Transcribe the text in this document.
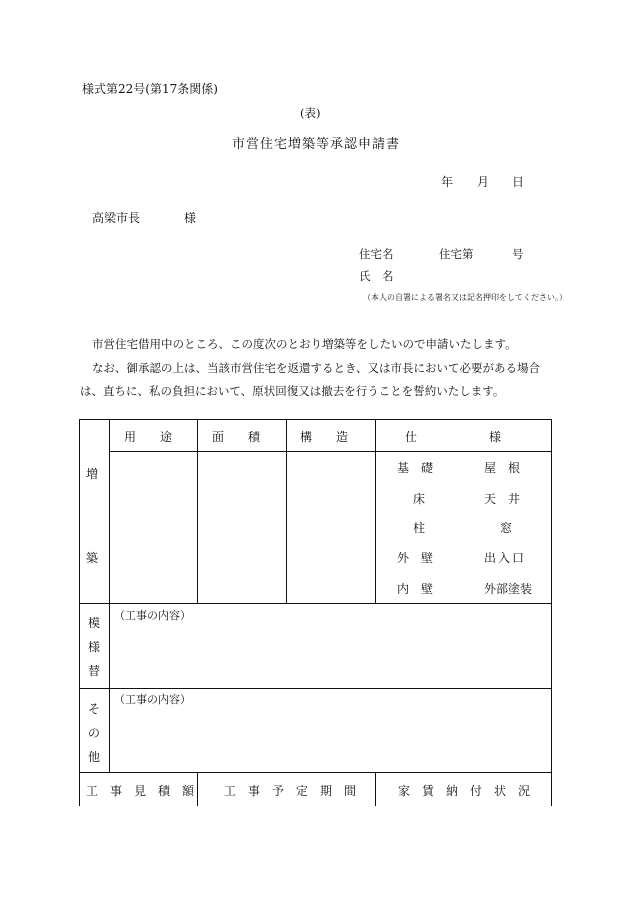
様式第22号(第17条関係)
(表)
市営住宅増築等承認申請書
年 月 日
高梁市長	様
住宅名	住宅第	号
氏　名
（本人の自署による署名又は記名押印をしてください。）
市営住宅借用中のところ、この度次のとおり増築等をしたいので申請いたします。
なお、御承認の上は、当該市営住宅を返還するとき、又は市長において必要がある場合
は、直ちに、私の負担において、原状回復又は撤去を行うことを誓約いたします。
用　　途	面　　積	構　　造	仕　　　　　　様
増
築
基　礎	屋　根
床	天　井
柱	窓
外　壁	出入口
内　壁	外部塗装
模
様
替
（工事の内容）
そ
の
他
（工事の内容）
工　事　見　積　額 工　事　予　定　期　間	家　賃　納　付　状　況
